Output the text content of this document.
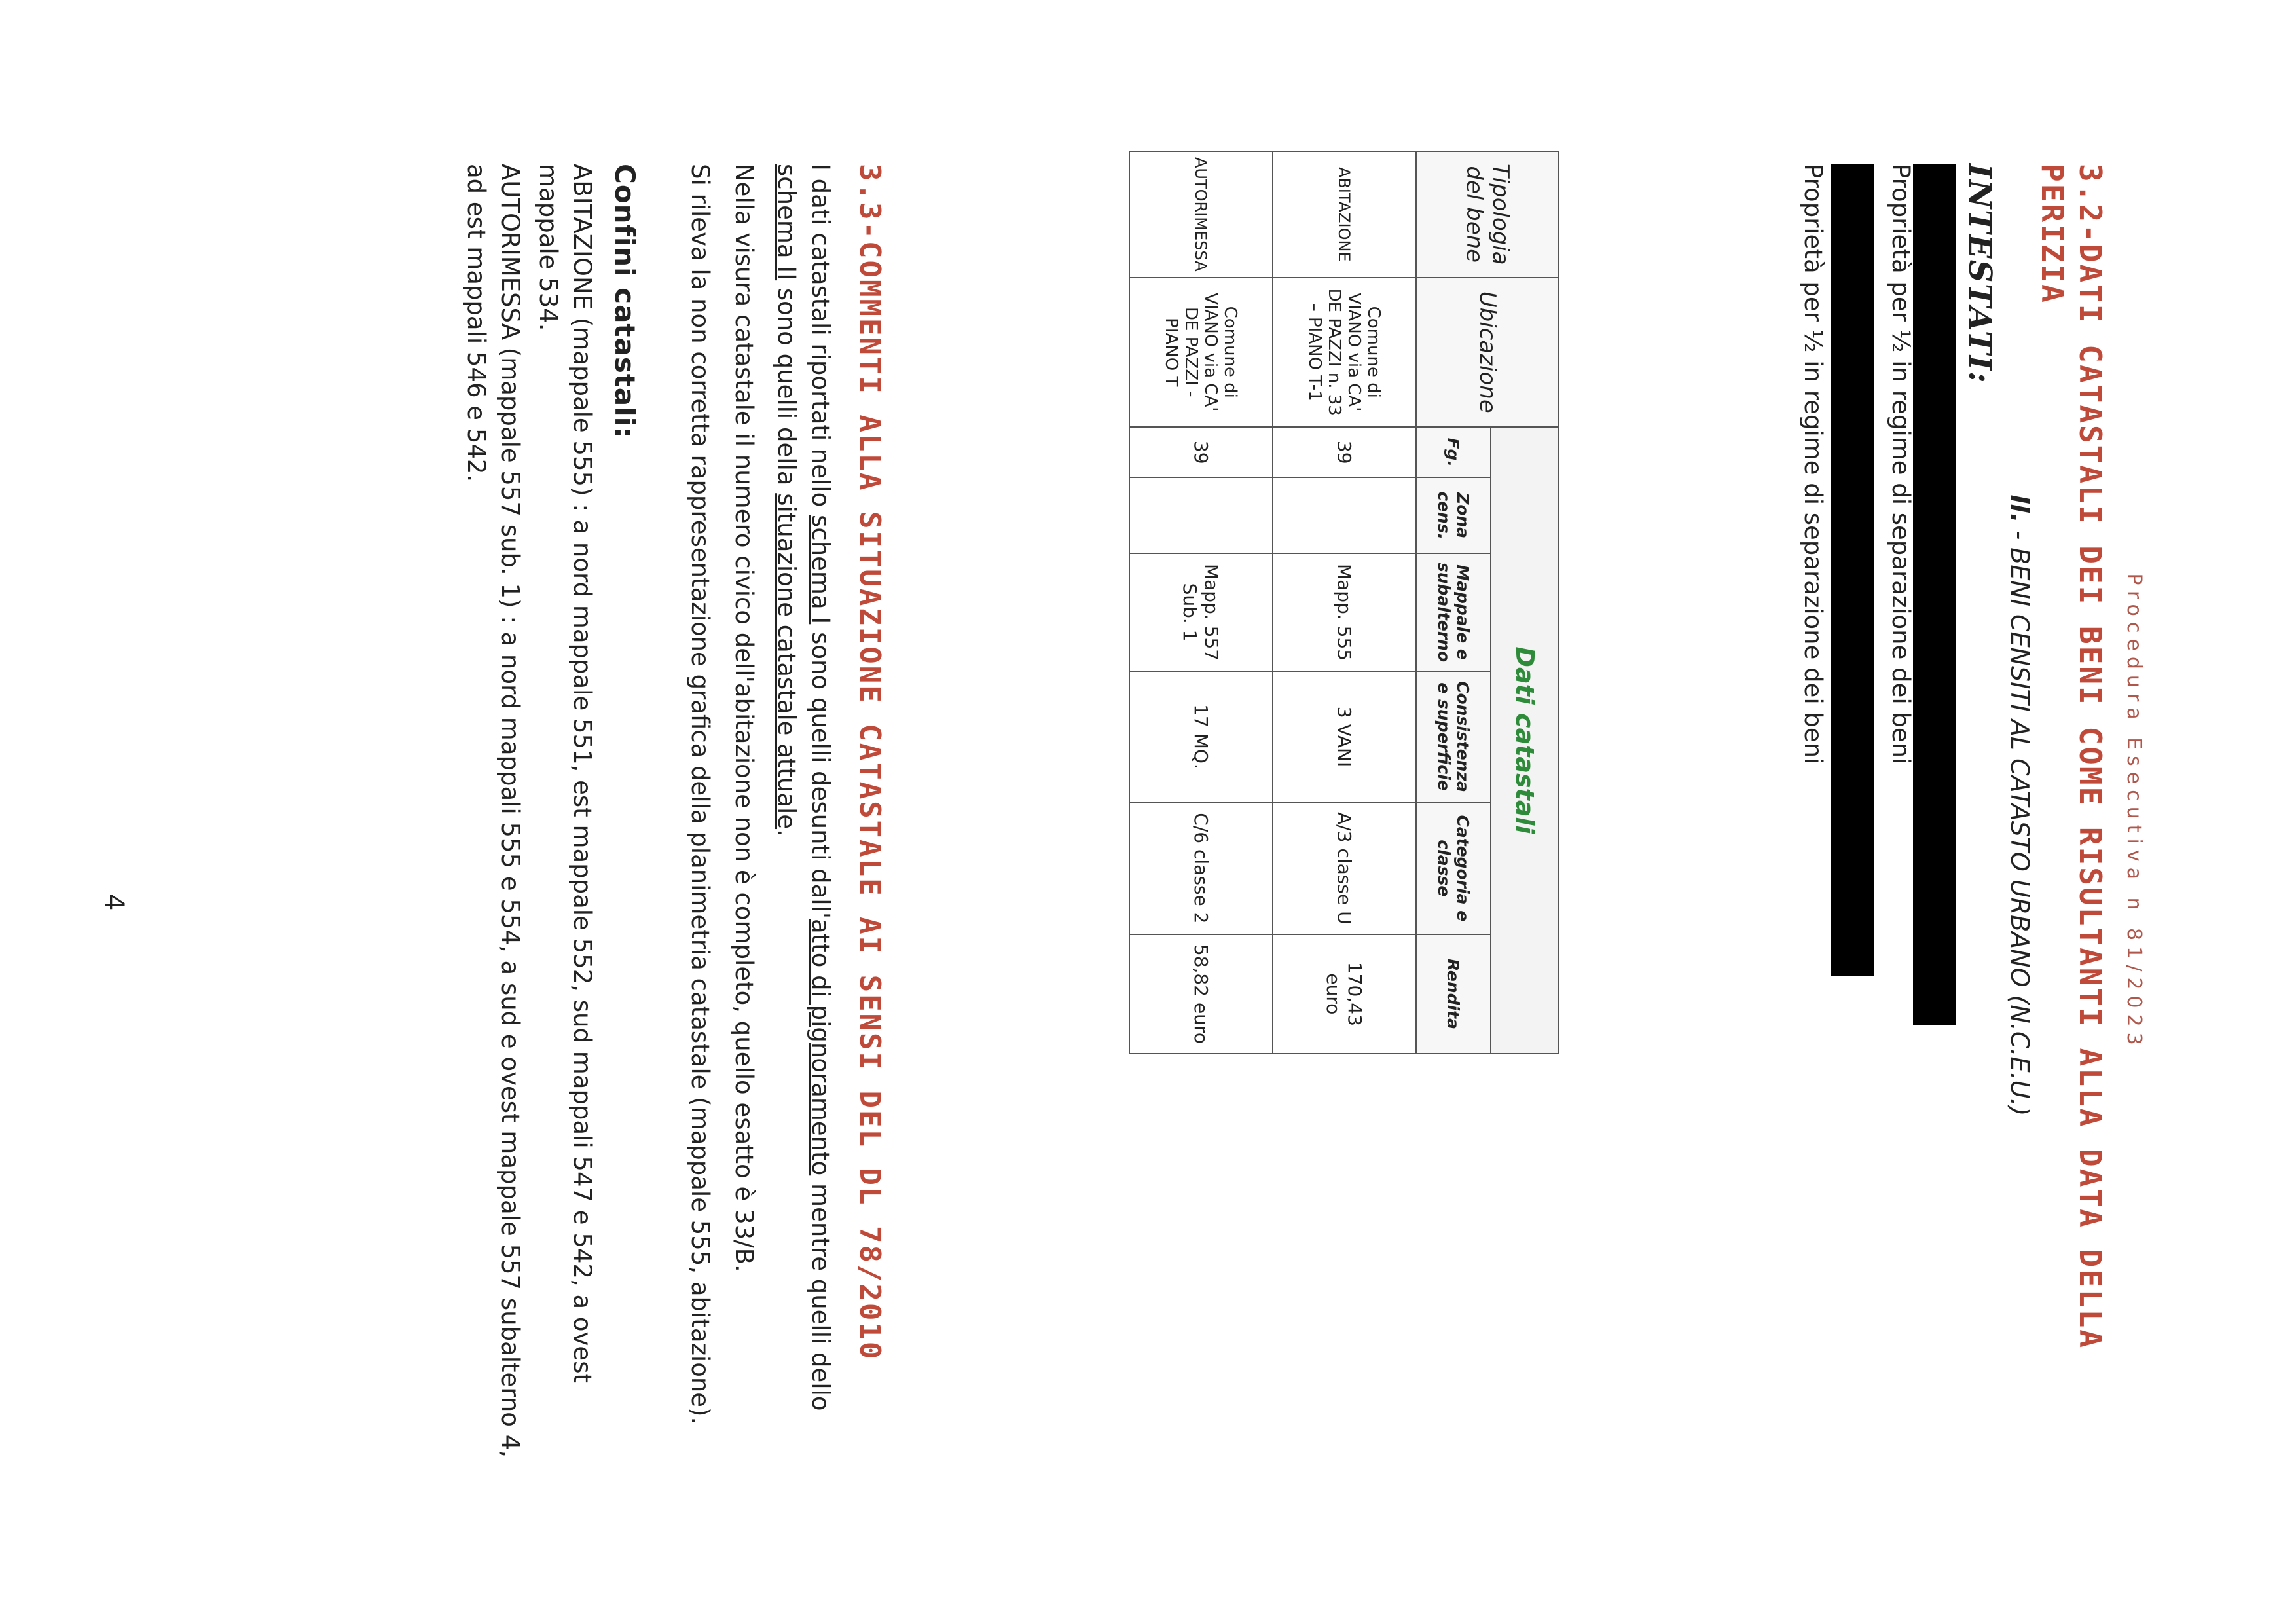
Procedura Esecutiva n 81/2023
3.2-DATI CATASTALI DEI BENI COME RISULTANTI ALLA DATA DELLA PERIZIA
II. - BENI CENSITI AL CATASTO URBANO (N.C.E.U.)
INTESTATI:
Proprietà per ½ in regime di separazione dei beni
Proprietà per ½ in regime di separazione dei beni
Tipologia del bene	Ubicazione	Dati catastali					
		Fg.	Zona cens.	Mappale e subalterno	Consistenza e superficie	Categoria e classe	Rendita
ABITAZIONE	Comune di VIANO via CA' DE PAZZI n. 33 – PIANO T-1	39		Mapp. 555	3 VANI	A/3 classe U	170,43 euro
AUTORIMESSA	Comune di VIANO via CA' DE PAZZI - PIANO T	39		Mapp. 557 Sub. 1	17 MQ.	C/6 classe 2	58,82 euro
3.3-COMMENTI ALLA SITUAZIONE CATASTALE AI SENSI DEL DL 78/2010
I dati catastali riportati nello schema I sono quelli desunti dall'atto di pignoramento mentre quelli dello schema II sono quelli della situazione catastale attuale.
Nella visura catastale il numero civico dell'abitazione non è completo, quello esatto è 33/B.
Si rileva la non corretta rappresentazione grafica della planimetria catastale (mappale 555, abitazione).
Confini catastali:
ABITAZIONE (mappale 555) : a nord mappale 551, est mappale 552, sud mappali 547 e 542, a ovest mappale 534.
AUTORIMESSA (mappale 557 sub. 1) : a nord mappali 555 e 554, a sud e ovest mappale 557 subalterno 4, ad est mappali 546 e 542.
4
